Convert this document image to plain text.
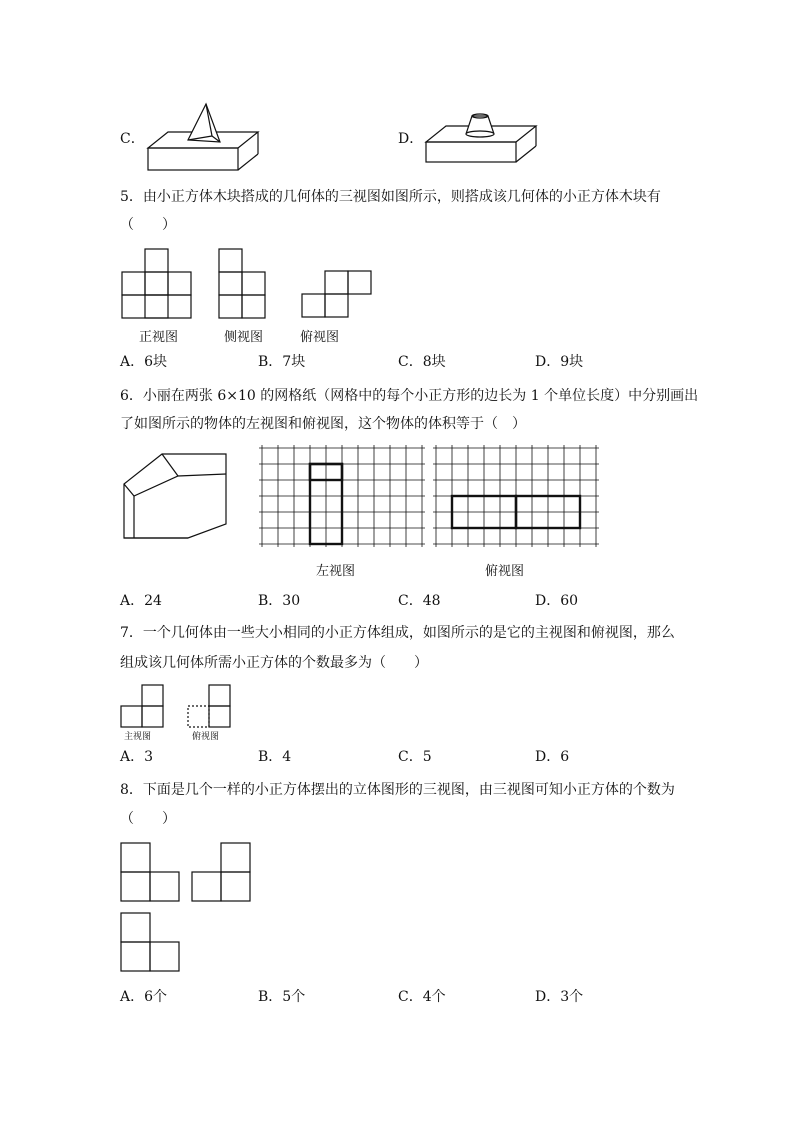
C．	D．
5．由小正方体木块搭成的几何体的三视图如图所示，则搭成该几何体的小正方体木块有
（　　）
正视图	侧视图	俯视图
A．6块	B．7块	C．8块	D．9块
6．小丽在两张 6×10 的网格纸（网格中的每个小正方形的边长为 1 个单位长度）中分别画出
了如图所示的物体的左视图和俯视图，这个物体的体积等于（　）
左视图	俯视图
A．24	B．30	C．48	D．60
7．一个几何体由一些大小相同的小正方体组成，如图所示的是它的主视图和俯视图，那么
组成该几何体所需小正方体的个数最多为（　　）
主视图	俯视图
A．3	B．4	C．5	D．6
8．下面是几个一样的小正方体摆出的立体图形的三视图，由三视图可知小正方体的个数为
（　　）
A．6个	B．5个	C．4个	D．3个
